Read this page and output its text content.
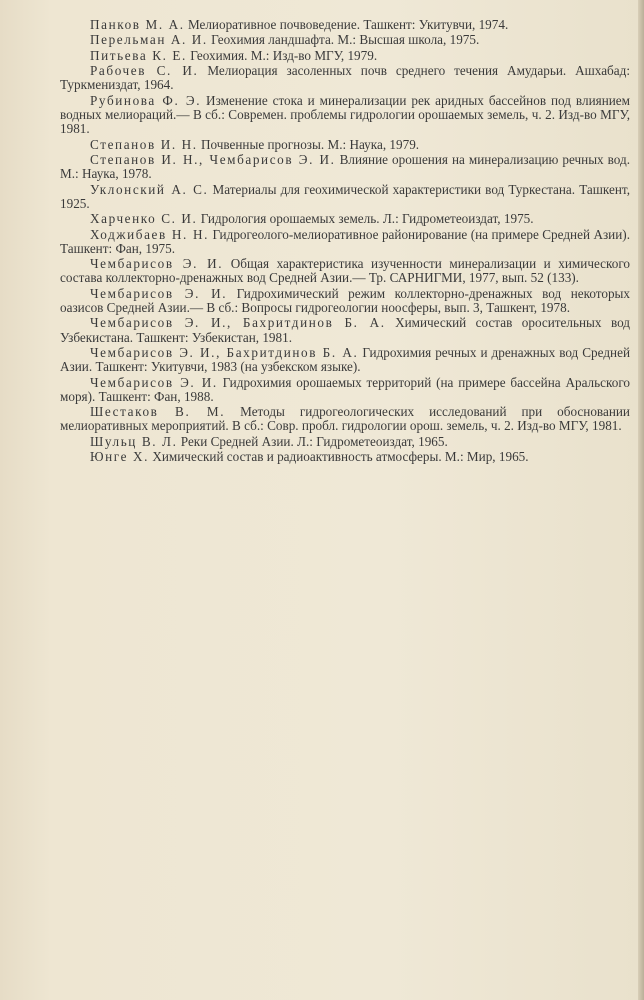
Панков М. А. Мелиоративное почвоведение. Ташкент: Укитувчи, 1974.
Перельман А. И. Геохимия ландшафта. М.: Высшая школа, 1975.
Питьева К. Е. Геохимия. М.: Изд-во МГУ, 1979.
Рабочев С. И. Мелиорация засоленных почв среднего течения Амударьи. Ашхабад: Туркмениздат, 1964.
Рубинова Ф. Э. Изменение стока и минерализации рек аридных бассейнов под влиянием водных мелиораций.— В сб.: Современ. проблемы гидрологии орошаемых земель, ч. 2. Изд-во МГУ, 1981.
Степанов И. Н. Почвенные прогнозы. М.: Наука, 1979.
Степанов И. Н., Чембарисов Э. И. Влияние орошения на минерализацию речных вод. М.: Наука, 1978.
Уклонский А. С. Материалы для геохимической характеристики вод Туркестана. Ташкент, 1925.
Харченко С. И. Гидрология орошаемых земель. Л.: Гидрометеоиздат, 1975.
Ходжибаев Н. Н. Гидрогеолого-мелиоративное районирование (на примере Средней Азии). Ташкент: Фан, 1975.
Чембарисов Э. И. Общая характеристика изученности минерализации и химического состава коллекторно-дренажных вод Средней Азии.— Тр. САРНИГМИ, 1977, вып. 52 (133).
Чембарисов Э. И. Гидрохимический режим коллекторно-дренажных вод некоторых оазисов Средней Азии.— В сб.: Вопросы гидрогеологии ноосферы, вып. 3, Ташкент, 1978.
Чембарисов Э. И., Бахритдинов Б. А. Химический состав оросительных вод Узбекистана. Ташкент: Узбекистан, 1981.
Чембарисов Э. И., Бахритдинов Б. А. Гидрохимия речных и дренажных вод Средней Азии. Ташкент: Укитувчи, 1983 (на узбекском языке).
Чембарисов Э. И. Гидрохимия орошаемых территорий (на примере бассейна Аральского моря). Ташкент: Фан, 1988.
Шестаков В. М. Методы гидрогеологических исследований при обосновании мелиоративных мероприятий. В сб.: Совр. пробл. гидрологии орош. земель, ч. 2. Изд-во МГУ, 1981.
Шульц В. Л. Реки Средней Азии. Л.: Гидрометеоиздат, 1965.
Юнге Х. Химический состав и радиоактивность атмосферы. М.: Мир, 1965.
